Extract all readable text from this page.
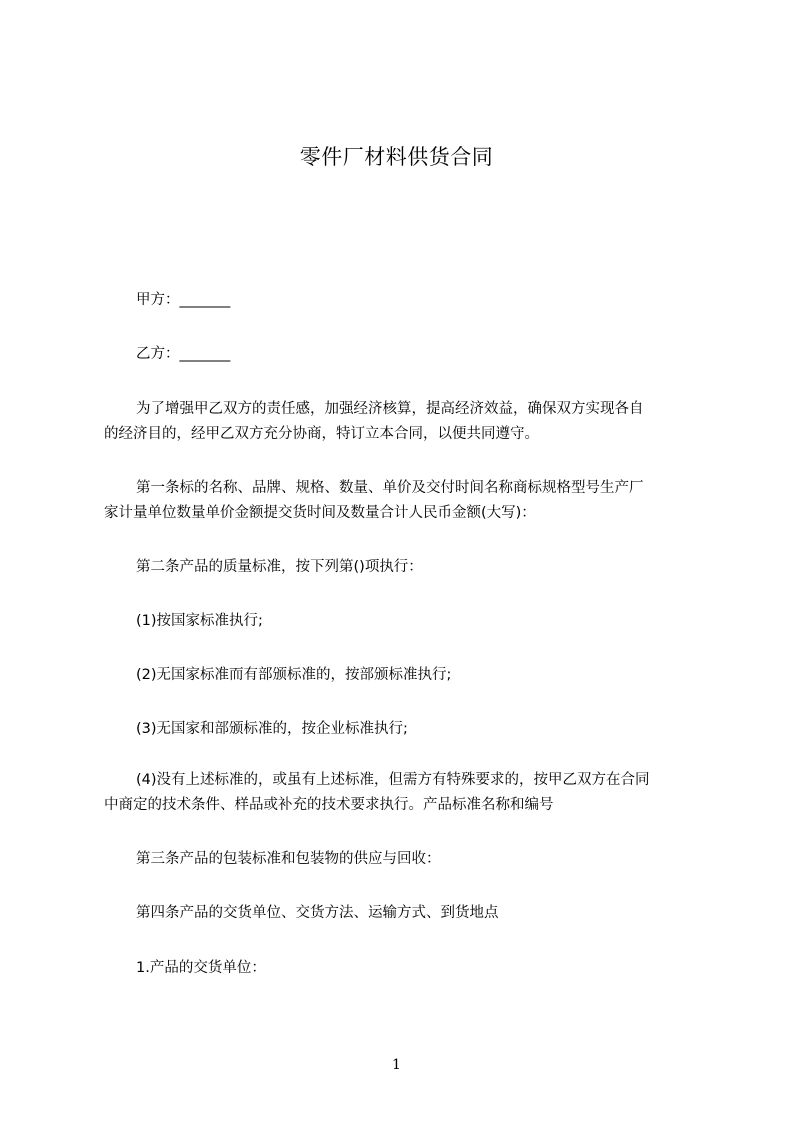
零件厂材料供货合同
甲方：_______
乙方：_______
为了增强甲乙双方的责任感，加强经济核算，提高经济效益，确保双方实现各自
的经济目的，经甲乙双方充分协商，特订立本合同，以便共同遵守。
第一条标的名称、品牌、规格、数量、单价及交付时间名称商标规格型号生产厂
家计量单位数量单价金额提交货时间及数量合计人民币金额(大写)：
第二条产品的质量标准，按下列第()项执行：
(1)按国家标准执行;
(2)无国家标准而有部颁标准的，按部颁标准执行;
(3)无国家和部颁标准的，按企业标准执行;
(4)没有上述标准的，或虽有上述标准，但需方有特殊要求的，按甲乙双方在合同
中商定的技术条件、样品或补充的技术要求执行。产品标准名称和编号
第三条产品的包装标准和包装物的供应与回收：
第四条产品的交货单位、交货方法、运输方式、到货地点
1.产品的交货单位：
1
